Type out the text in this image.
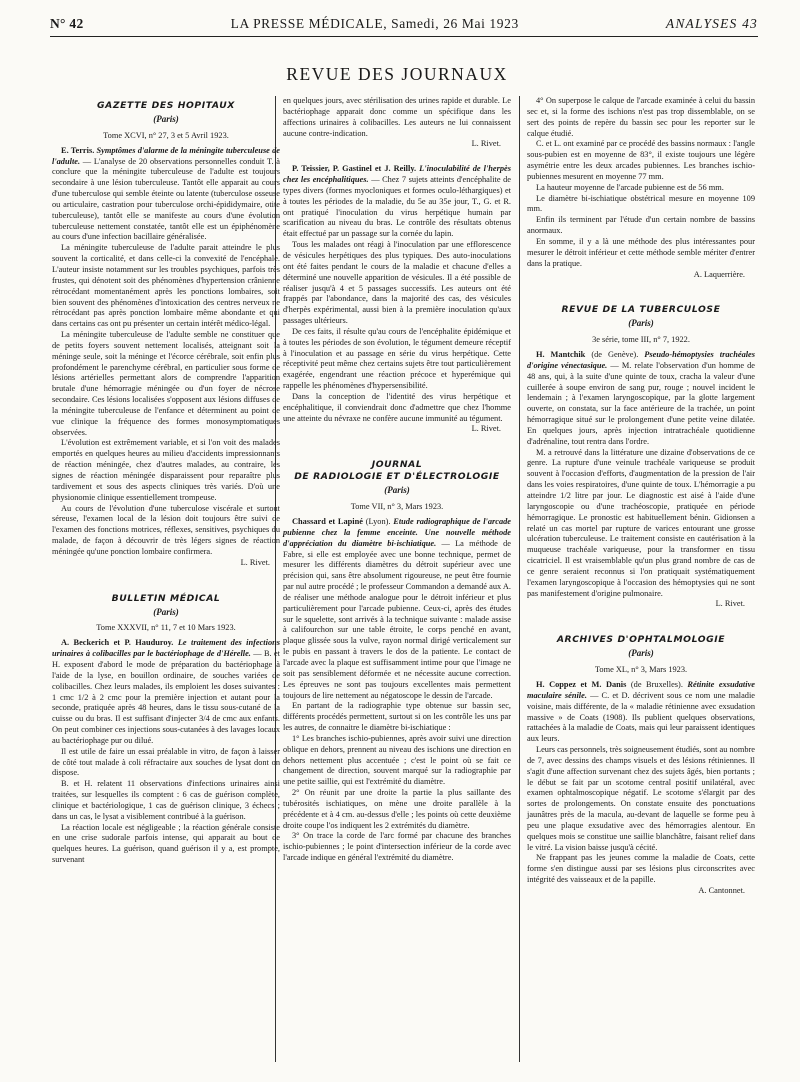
N° 42	LA PRESSE MÉDICALE, Samedi, 26 Mai 1923	ANALYSES 43
REVUE DES JOURNAUX
GAZETTE DES HOPITAUX
(Paris)
Tome XCVI, n° 27, 3 et 5 Avril 1923.

E. Terris. Symptômes d'alarme de la méningite tuberculeuse de l'adulte. — L'analyse de 20 observations personnelles conduit T. à conclure que la méningite tuberculeuse de l'adulte est toujours secondaire à une lésion tuberculeuse. Tantôt elle apparait au cours d'une tuberculose qui semble éteinte ou latente (tuberculose osseuse ou articulaire, castration pour tuberculose orchi-épididymaire, otite tuberculeuse), tantôt elle se manifeste au cours d'une évolution tuberculeuse nettement constatée, tantôt elle est un épiphénomène au cours d'une infection bacillaire généralisée.

La méningite tuberculeuse de l'adulte parait atteindre le plus souvent la corticalité, et dans celle-ci la convexité de l'encéphale. L'auteur insiste notamment sur les troubles psychiques, parfois très frustes, qui dénotent soit des phénomènes d'hypertension crânienne rétrocédant momentanément après les ponctions lombaires, soit bien souvent des phénomènes d'intoxication des centres nerveux ne rétrocédant pas après ponction lombaire même abondante et qui dans certains cas ont pu présenter un certain intérêt médico-légal.

La méningite tuberculeuse de l'adulte semble ne constituer que de petits foyers souvent nettement localisés, atteignant soit la méninge seule, soit la méninge et l'écorce cérébrale, soit enfin plus profondément le parenchyme cérébral, en particulier sous forme de lésions artérielles permettant alors de comprendre l'apparition brutale d'une hémorragie méningée ou d'un foyer de nécrose secondaire. Ces lésions localisées s'opposent aux lésions diffuses de la méningite tuberculeuse de l'enfance et déterminent au point de vue clinique la fréquence des formes monosymptomatiques observées.

L'évolution est extrêmement variable, et si l'on voit des malades emportés en quelques heures au milieu d'accidents impressionnants de réaction méningée, chez d'autres malades, au contraire, les signes de réaction méningée disparaissent pour reparaître plus tardivement et sous des aspects cliniques très variés. D'où une physionomie clinique essentiellement trompeuse.

Au cours de l'évolution d'une tuberculose viscérale et surtout séreuse, l'examen local de la lésion doit toujours être suivi de l'examen des fonctions motrices, réflexes, sensitives, psychiques du malade, de façon à découvrir de très légers signes de réaction méningée qu'une ponction lombaire confirmera.

L. Rivet.
BULLETIN MÉDICAL
(Paris)
Tome XXXVII, n° 11, 7 et 10 Mars 1923.

A. Beckerich et P. Hauduroy. Le traitement des infections urinaires à colibacilles par le bactériophage de d'Hérelle. — B. et H. exposent d'abord le mode de préparation du bactériophage à l'aide de la lyse, en bouillon ordinaire, de souches variées de colibacilles. Chez leurs malades, ils emploient les doses suivantes : 1 cmc 1/2 à 2 cmc pour la première injection et autant pour la seconde, pratiquée après 48 heures, dans le tissu sous-cutané de la cuisse ou du bras. Il est suffisant d'injecter 3/4 de cmc aux enfants. On peut combiner ces injections sous-cutanées à des lavages locaux au bactériophage pur ou dilué.

Il est utile de faire un essai préalable in vitro, de façon à laisser de côté tout malade à coli réfractaire aux souches de lysat dont on dispose.

B. et H. relatent 11 observations d'infections urinaires ainsi traitées, sur lesquelles ils comptent : 6 cas de guérison complète, clinique et bactériologique, 1 cas de guérison clinique, 3 échecs ; dans un cas, le lysat a visiblement contribué à la guérison.

La réaction locale est négligeable ; la réaction générale consiste en une crise sudorale parfois intense, qui apparait au bout de quelques heures. La guérison, quand guérison il y a, est prompte, survenant

en quelques jours, avec stérilisation des urines rapide et durable. Le bactériophage apparait donc comme un spécifique dans les affections urinaires à colibacilles. Les auteurs ne lui connaissent aucune contre-indication.

L. Rivet.

P. Teissier, P. Gastinel et J. Reilly. L'inoculabilité de l'herpès chez les encéphalitiques. — Chez 7 sujets atteints d'encéphalite de types divers (formes myocloniques et formes oculo-léthargiques) et à toutes les périodes de la maladie, du 5e au 35e jour, T., G. et R. ont pratiqué l'inoculation du virus herpétique humain par scarification au niveau du bras. Le contrôle des résultats obtenus était effectué par un passage sur la cornée du lapin.

Tous les malades ont réagi à l'inoculation par une efflorescence de vésicules herpétiques des plus typiques. Des auto-inoculations ont été faites pendant le cours de la maladie et chacune d'elles a déterminé une nouvelle apparition de vésicules. Il a été possible de réaliser jusqu'à 4 et 5 passages successifs. Les auteurs ont été frappés par l'abondance, dans la majorité des cas, des vésicules d'herpès expérimental, aussi bien à la première inoculation qu'aux passages ultérieurs.

De ces faits, il résulte qu'au cours de l'encéphalite épidémique et à toutes les périodes de son évolution, le tégument demeure réceptif à l'inoculation et au passage en série du virus herpétique. Cette réceptivité peut même chez certains sujets être tout particulièrement exagérée, engendrant une réaction précoce et hyperémique qui rappelle les phénomènes d'hypersensibilité.

Dans la conception de l'identité des virus herpétique et encéphalitique, il conviendrait donc d'admettre que chez l'homme une atteinte du névraxe ne confère aucune immunité au tégument.

L. Rivet.
JOURNAL
DE RADIOLOGIE ET D'ÉLECTROLOGIE
(Paris)
Tome VII, n° 3, Mars 1923.

Chassard et Lapiné (Lyon). Etude radiographique de l'arcade pubienne chez la femme enceinte. Une nouvelle méthode d'appréciation du diamètre bi-ischiatique. — La méthode de Fabre, si elle est employée avec une bonne technique, permet de mesurer les différents diamètres du détroit supérieur avec une précision qui, sans être absolument rigoureuse, ne peut être fournie par nul autre procédé ; le professeur Commandon a demandé aux A. de réaliser une méthode analogue pour le détroit inférieur et plus particulièrement pour l'arcade pubienne. Ceux-ci, après des études sur le squelette, sont arrivés à la technique suivante : malade assise à califourchon sur une table étroite, le corps penché en avant, plaque glissée sous la vulve, rayon normal dirigé verticalement sur le pubis en passant à travers le dos de la patiente. Le contact de l'arcade avec la plaque est suffisamment intime pour que l'image ne soit pas sensiblement déformée et ne nécessite aucune correction. Les épreuves ne sont pas toujours excellentes mais permettent toujours de lire nettement au négatoscope le dessin de l'arcade.

En partant de la radiographie type obtenue sur bassin sec, différents procédés permettent, surtout si on les contrôle les uns par les autres, de connaitre le diamètre bi-ischiatique :

1° Les branches ischio-pubiennes, après avoir suivi une direction oblique en dehors, prennent au niveau des ischions une direction en dehors nettement plus accentuée ; c'est le point où se fait ce changement de direction, souvent marqué sur la radiographie par une petite saillie, qui est l'extrémité du diamètre.

2° On réunit par une droite la partie la plus saillante des tubérosités ischiatiques, on mène une droite parallèle à la précédente et à 4 cm. au-dessus d'elle ; les points où cette deuxième droite coupe l'os indiquent les 2 extrémités du diamètre.

3° On trace la corde de l'arc formé par chacune des branches ischio-pubiennes ; le point d'intersection inférieur de la corde avec l'arcade indique en général l'extrémité du diamètre.

4° On superpose le calque de l'arcade examinée à celui du bassin sec et, si la forme des ischions n'est pas trop dissemblable, on se sert des points de repère du bassin sec pour les reporter sur le calque étudié.

C. et L. ont examiné par ce procédé des bassins normaux : l'angle sous-pubien est en moyenne de 83°, il existe toujours une légère asymétrie entre les deux arcades pubiennes. Les branches ischio-pubiennes mesurent en moyenne 77 mm.

La hauteur moyenne de l'arcade pubienne est de 56 mm.

Le diamètre bi-ischiatique obstétrical mesure en moyenne 109 mm.

Enfin ils terminent par l'étude d'un certain nombre de bassins anormaux.

En somme, il y a là une méthode des plus intéressantes pour mesurer le détroit inférieur et cette méthode semble mériter d'entrer dans la pratique.

A. Laquerrière.
REVUE DE LA TUBERCULOSE
(Paris)
3e série, tome III, n° 7, 1922.

H. Mantchik (de Genève). Pseudo-hémoptysies trachéales d'origine vénectasique. — M. relate l'observation d'un homme de 48 ans, qui, à la suite d'une quinte de toux, cracha la valeur d'une cuillerée à soupe environ de sang pur, rouge ; nouvel incident le lendemain ; à l'examen laryngoscopique, par la glotte largement ouverte, on constata, sur la face antérieure de la trachée, un point hémorragique situé sur le prolongement d'une petite veine dilatée. En quelques jours, après injection intratrachéale quotidienne d'adrénaline, tout rentra dans l'ordre.

M. a retrouvé dans la littérature une dizaine d'observations de ce genre. La rupture d'une veinule trachéale variqueuse se produit souvent à l'occasion d'efforts, d'augmentation de la pression de l'air dans les voies respiratoires, d'une quinte de toux. L'hémorragie a pu atteindre 1/2 litre par jour. Le diagnostic est aisé à l'aide d'une laryngoscopie ou d'une trachéoscopie, pratiquée en période hémorragique. Le pronostic est habituellement bénin. Gidionsen a relaté un cas mortel par rupture de varices entourant une grosse ulcération tuberculeuse. Le traitement consiste en cautérisation à la muqueuse trachéale variqueuse, pour la transformer en tissu cicatriciel. Il est vraisemblable qu'un plus grand nombre de cas de ce genre seraient reconnus si l'on pratiquait systématiquement l'examen laryngoscopique à l'occasion des hémoptysies qui ne sont pas manifestement d'origine pulmonaire.

L. Rivet.
ARCHIVES D'OPHTALMOLOGIE
(Paris)
Tome XL, n° 3, Mars 1923.

H. Coppez et M. Danis (de Bruxelles). Rétinite exsudative maculaire sénile. — C. et D. décrivent sous ce nom une maladie voisine, mais différente, de la « maladie rétinienne avec exsudation massive » de Coats (1908). Ils publient quelques observations, rattachées à la maladie de Coats, mais qui leur paraissent identiques aux leurs.

Leurs cas personnels, très soigneusement étudiés, sont au nombre de 7, avec dessins des champs visuels et des lésions rétiniennes. Il s'agit d'une affection survenant chez des sujets âgés, bien portants ; le début se fait par un scotome central positif unilatéral, avec examen ophtalmoscopique négatif. Le scotome s'élargit par des sortes de prolongements. On constate ensuite des ponctuations jaunâtres près de la macula, au-devant de laquelle se forme peu à peu une plaque exsudative avec des hémorragies alentour. En quelques mois se constitue une saillie blanchâtre, faisant relief dans le vitré. La vision baisse jusqu'à cécité.

Ne frappant pas les jeunes comme la maladie de Coats, cette forme s'en distingue aussi par ses lésions plus circonscrites avec intégrité des vaisseaux et de la papille.

A. Cantonnet.
